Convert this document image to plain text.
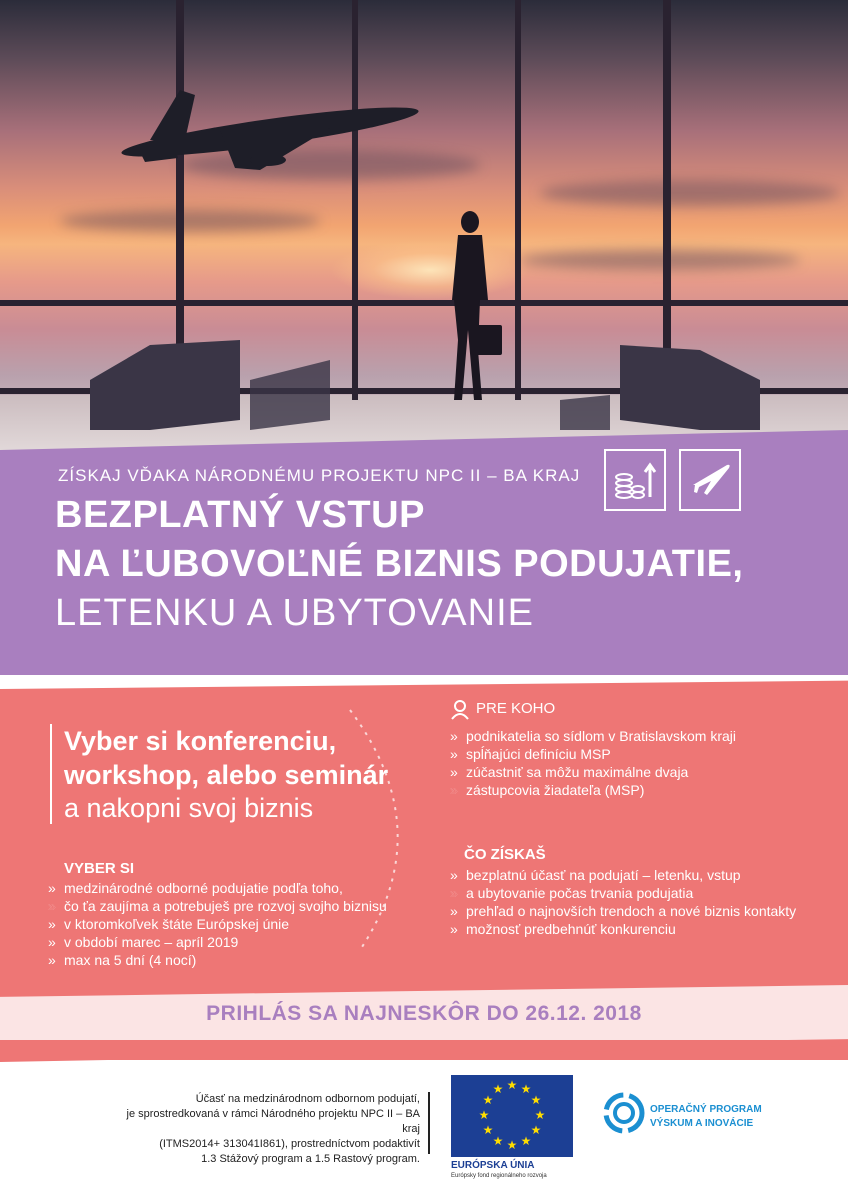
ZÍSKAJ VĎAKA NÁRODNÉMU PROJEKTU NPC II – BA KRAJ
BEZPLATNÝ VSTUP
NA ĽUBOVOĽNÉ BIZNIS PODUJATIE,
LETENKU A UBYTOVANIE
Vyber si konferenciu,
workshop, alebo seminár
a nakopni svoj biznis
VYBER SI
» medzinárodné odborné podujatie podľa toho,
» » čo ťa zaujíma a potrebuješ pre rozvoj svojho biznisu
» v ktoromkoľvek štáte Európskej únie
» v období marec – apríl 2019
» max na 5 dní (4 nocí)
PRE KOHO
» podnikatelia so sídlom v Bratislavskom kraji
» spĺňajúci definíciu MSP
» zúčastniť sa môžu maximálne dvaja
» » zástupcovia žiadateľa (MSP)
ČO ZÍSKAŠ
» bezplatnú účasť na podujatí – letenku, vstup
» » a ubytovanie počas trvania podujatia
» prehľad o najnovších trendoch a nové biznis kontakty
» možnosť predbehnúť konkurenciu
PRIHLÁS SA NAJNESKÔR DO 26.12. 2018
Účasť na medzinárodnom odbornom podujatí,
je sprostredkovaná v rámci Národného projektu NPC II – BA kraj
(ITMS2014+ 313041I861), prostredníctvom podaktivít
1.3 Stážový program a 1.5 Rastový program.
★ ★
★
★
★
★
★
★
★
★
★
★
EURÓPSKA ÚNIA
Európsky fond regionálneho rozvoja
OPERAČNÝ PROGRAM
VÝSKUM A INOVÁCIE
